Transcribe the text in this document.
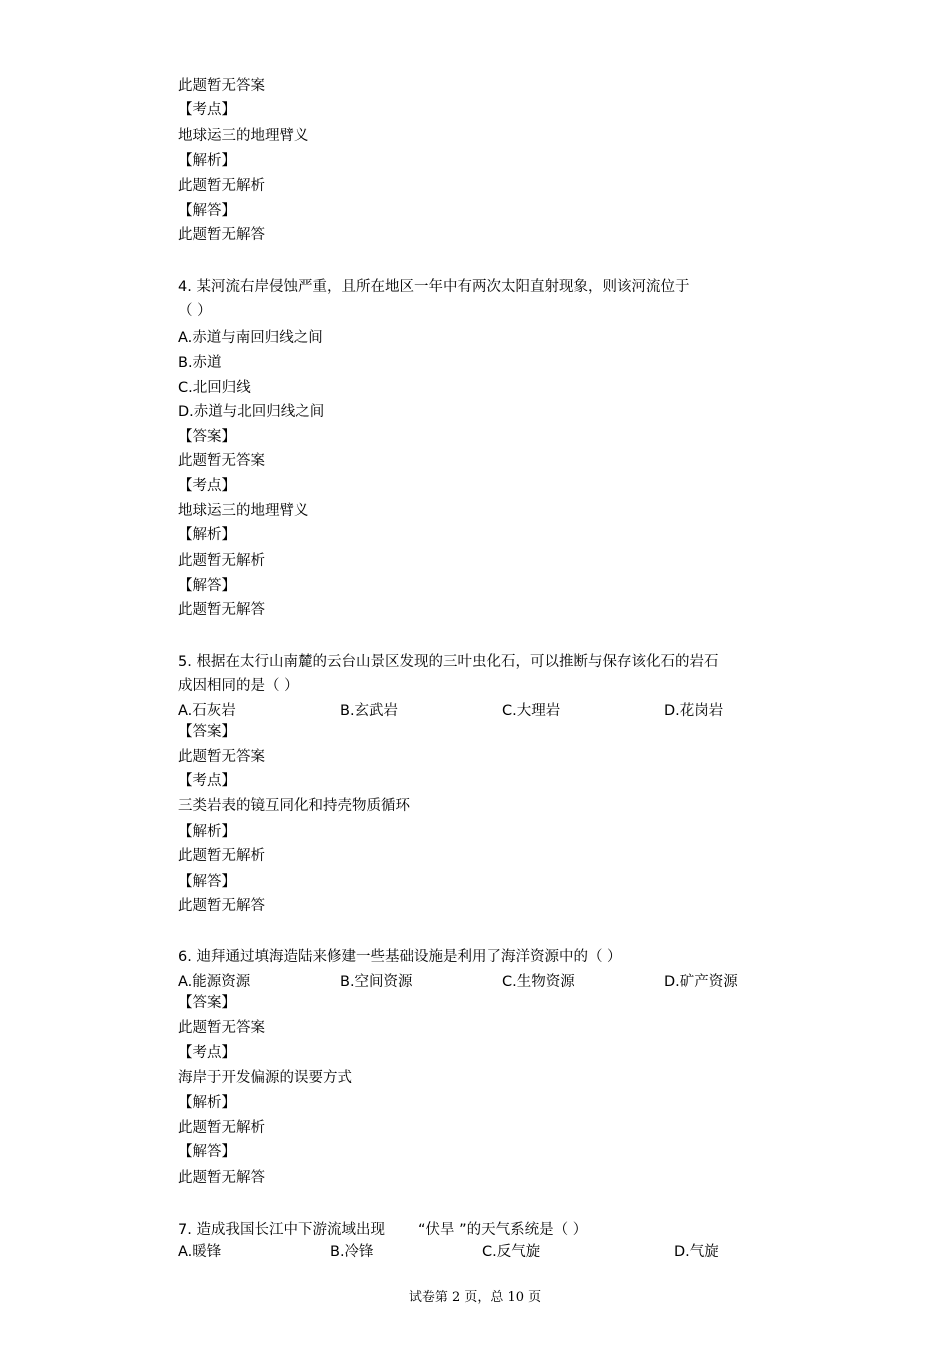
此题暂无答案
【考点】
地球运三的地理臂义
【解析】
此题暂无解析
【解答】
此题暂无解答
4. 某河流右岸侵蚀严重，且所在地区一年中有两次太阳直射现象，则该河流位于
（ ）
A.赤道与南回归线之间
B.赤道
C.北回归线
D.赤道与北回归线之间
【答案】
此题暂无答案
【考点】
地球运三的地理臂义
【解析】
此题暂无解析
【解答】
此题暂无解答
5. 根据在太行山南麓的云台山景区发现的三叶虫化石，可以推断与保存该化石的岩石
成因相同的是（ ）
A.石灰岩	B.玄武岩	C.大理岩	D.花岗岩
【答案】
此题暂无答案
【考点】
三类岩表的镜互同化和持壳物质循环
【解析】
此题暂无解析
【解答】
此题暂无解答
6. 迪拜通过填海造陆来修建一些基础设施是利用了海洋资源中的（ ）
A.能源资源	B.空间资源	C.生物资源	D.矿产资源
【答案】
此题暂无答案
【考点】
海岸于开发偏源的误要方式
【解析】
此题暂无解析
【解答】
此题暂无解答
7. 造成我国长江中下游流域出现 “伏旱 ”的天气系统是（ ）
A.暖锋	B.冷锋	C.反气旋	D.气旋
试卷第 2 页，总 10 页
